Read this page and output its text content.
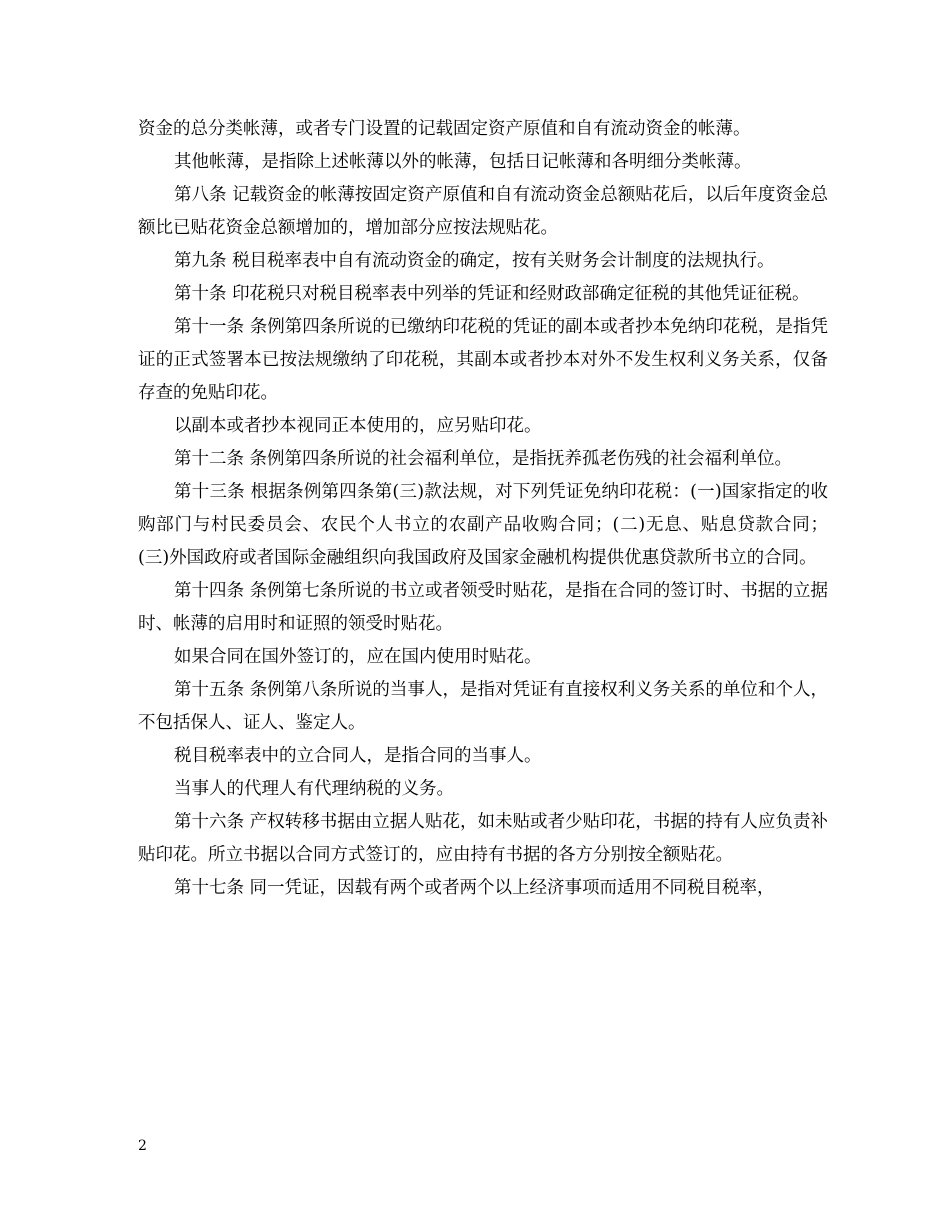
资金的总分类帐薄，或者专门设置的记载固定资产原值和自有流动资金的帐薄。

其他帐薄，是指除上述帐薄以外的帐薄，包括日记帐薄和各明细分类帐薄。

第八条 记载资金的帐薄按固定资产原值和自有流动资金总额贴花后，以后年度资金总额比已贴花资金总额增加的，增加部分应按法规贴花。

第九条 税目税率表中自有流动资金的确定，按有关财务会计制度的法规执行。

第十条 印花税只对税目税率表中列举的凭证和经财政部确定征税的其他凭证征税。

第十一条 条例第四条所说的已缴纳印花税的凭证的副本或者抄本免纳印花税，是指凭证的正式签署本已按法规缴纳了印花税，其副本或者抄本对外不发生权利义务关系，仅备存查的免贴印花。

以副本或者抄本视同正本使用的，应另贴印花。

第十二条 条例第四条所说的社会福利单位，是指抚养孤老伤残的社会福利单位。

第十三条 根据条例第四条第(三)款法规，对下列凭证免纳印花税：(一)国家指定的收购部门与村民委员会、农民个人书立的农副产品收购合同；(二)无息、贴息贷款合同；(三)外国政府或者国际金融组织向我国政府及国家金融机构提供优惠贷款所书立的合同。

第十四条 条例第七条所说的书立或者领受时贴花，是指在合同的签订时、书据的立据时、帐薄的启用时和证照的领受时贴花。

如果合同在国外签订的，应在国内使用时贴花。

第十五条 条例第八条所说的当事人，是指对凭证有直接权利义务关系的单位和个人，不包括保人、证人、鉴定人。

税目税率表中的立合同人，是指合同的当事人。

当事人的代理人有代理纳税的义务。

第十六条 产权转移书据由立据人贴花，如未贴或者少贴印花，书据的持有人应负责补贴印花。所立书据以合同方式签订的，应由持有书据的各方分别按全额贴花。

第十七条 同一凭证，因载有两个或者两个以上经济事项而适用不同税目税率，

2
